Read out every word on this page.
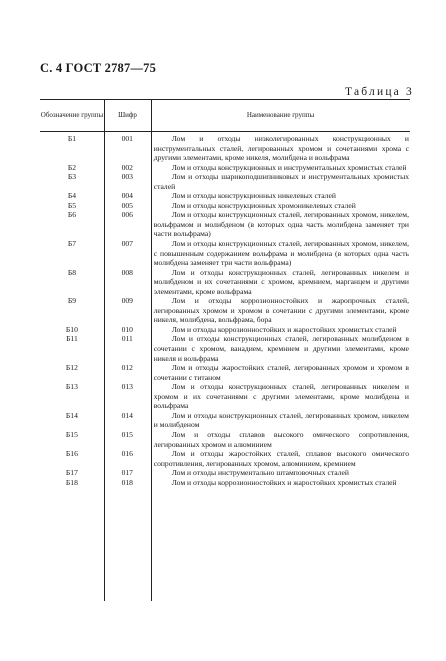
С. 4 ГОСТ 2787—75
Таблица 3
Обозначение группы	Шифр	Наименование группы
Б1	001	Лом и отходы низколегированных конструкционных и инструментальных сталей, легированных хромом и сочетаниями хрома с другими элементами, кроме никеля, молибдена и вольфрама
Б2	002	Лом и отходы конструкционных и инструментальных хромистых сталей
Б3	003	Лом и отходы шарикоподшипниковых и инструментальных хромистых сталей
Б4	004	Лом и отходы конструкционных никелевых сталей
Б5	005	Лом и отходы конструкционных хромоникелевых сталей
Б6	006	Лом и отходы конструкционных сталей, легированных хромом, никелем, вольфрамом и молибденом (в которых одна часть молибдена заменяет три части вольфрама)
Б7	007	Лом и отходы конструкционных сталей, легированных хромом, никелем, с повышенным содержанием вольфрама и молибдена (в которых одна часть молибдена заменяет три части вольфрама)
Б8	008	Лом и отходы конструкционных сталей, легированных никелем и молибденом и их сочетаниями с хромом, кремнием, марганцем и другими элементами, кроме вольфрама
Б9	009	Лом и отходы коррозионностойких и жаропрочных сталей, легированных хромом и хромом в сочетании с другими элементами, кроме никеля, молибдена, вольфрама, бора
Б10	010	Лом и отходы коррозионностойких и жаростойких хромистых сталей
Б11	011	Лом и отходы конструкционных сталей, легированных молибденом в сочетании с хромом, ванадием, кремнием и другими элементами, кроме никеля и вольфрама
Б12	012	Лом и отходы жаростойких сталей, легированных хромом и хромом в сочетании с титаном
Б13	013	Лом и отходы конструкционных сталей, легированных никелем и хромом и их сочетаниями с другими элементами, кроме молибдена и вольфрама
Б14	014	Лом и отходы конструкционных сталей, легированных хромом, никелем и молибденом
Б15	015	Лом и отходы сплавов высокого омического сопротивления, легированных хромом и алюминием
Б16	016	Лом и отходы жаростойких сталей, сплавов высокого омического сопротивления, легированных хромом, алюминием, кремнием
Б17	017	Лом и отходы инструментально штамповочных сталей
Б18	018	Лом и отходы коррозионностойких и жаростойких хромистых сталей
